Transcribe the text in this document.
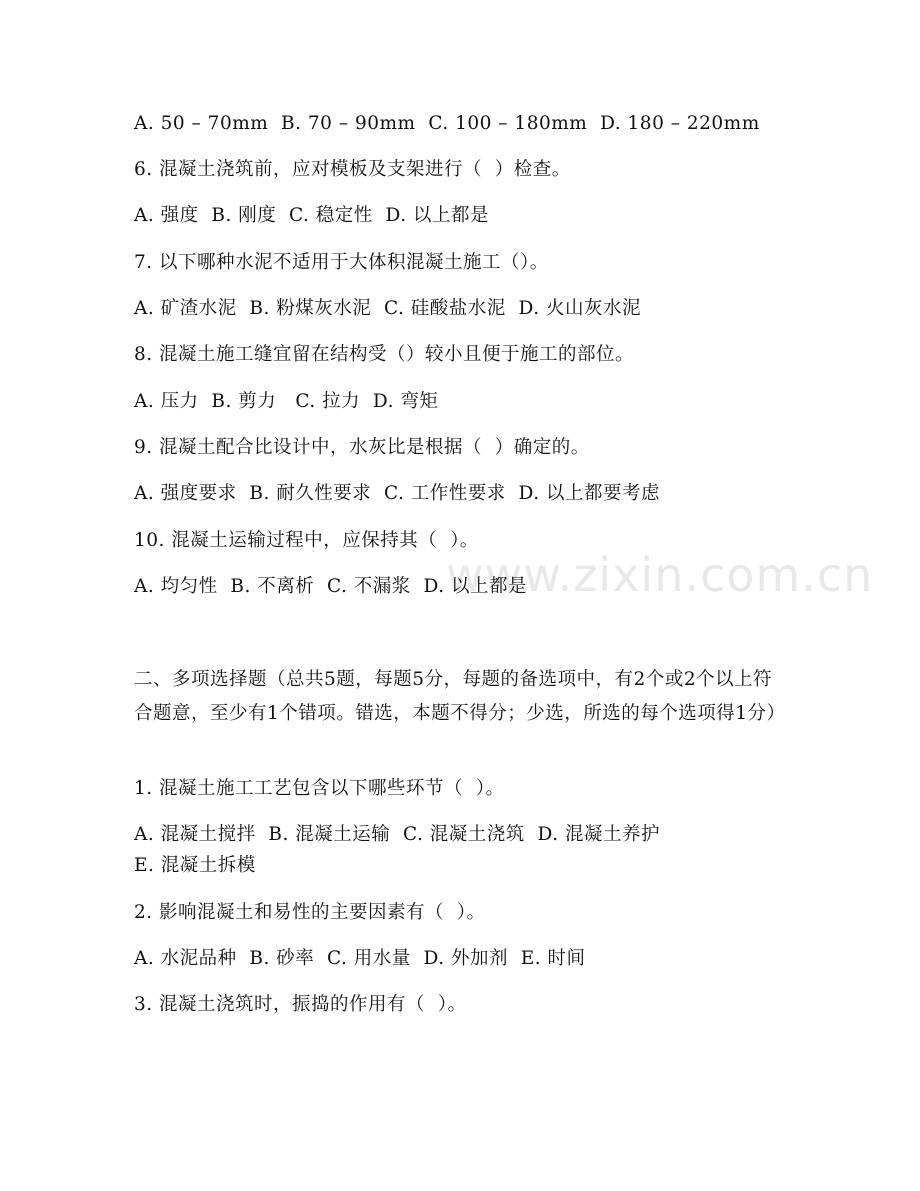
www.zixin.com.cn
A. 50 – 70mm  B. 70 – 90mm  C. 100 – 180mm  D. 180 – 220mm
6. 混凝土浇筑前，应对模板及支架进行（  ）检查。
A. 强度  B. 刚度  C. 稳定性  D. 以上都是
7. 以下哪种水泥不适用于大体积混凝土施工（）。
A. 矿渣水泥  B. 粉煤灰水泥  C. 硅酸盐水泥  D. 火山灰水泥
8. 混凝土施工缝宜留在结构受（）较小且便于施工的部位。
A. 压力  B. 剪力   C. 拉力  D. 弯矩
9. 混凝土配合比设计中，水灰比是根据（  ）确定的。
A. 强度要求  B. 耐久性要求  C. 工作性要求  D. 以上都要考虑
10. 混凝土运输过程中，应保持其（  ）。
A. 均匀性  B. 不离析  C. 不漏浆  D. 以上都是
二、多项选择题（总共5题，每题5分，每题的备选项中，有2个或2个以上符合题意，至少有1个错项。错选，本题不得分；少选，所选的每个选项得1分）
1. 混凝土施工工艺包含以下哪些环节（  ）。
A. 混凝土搅拌  B. 混凝土运输  C. 混凝土浇筑  D. 混凝土养护
E. 混凝土拆模
2. 影响混凝土和易性的主要因素有（  ）。
A. 水泥品种  B. 砂率  C. 用水量  D. 外加剂  E. 时间
3. 混凝土浇筑时，振捣的作用有（  ）。
